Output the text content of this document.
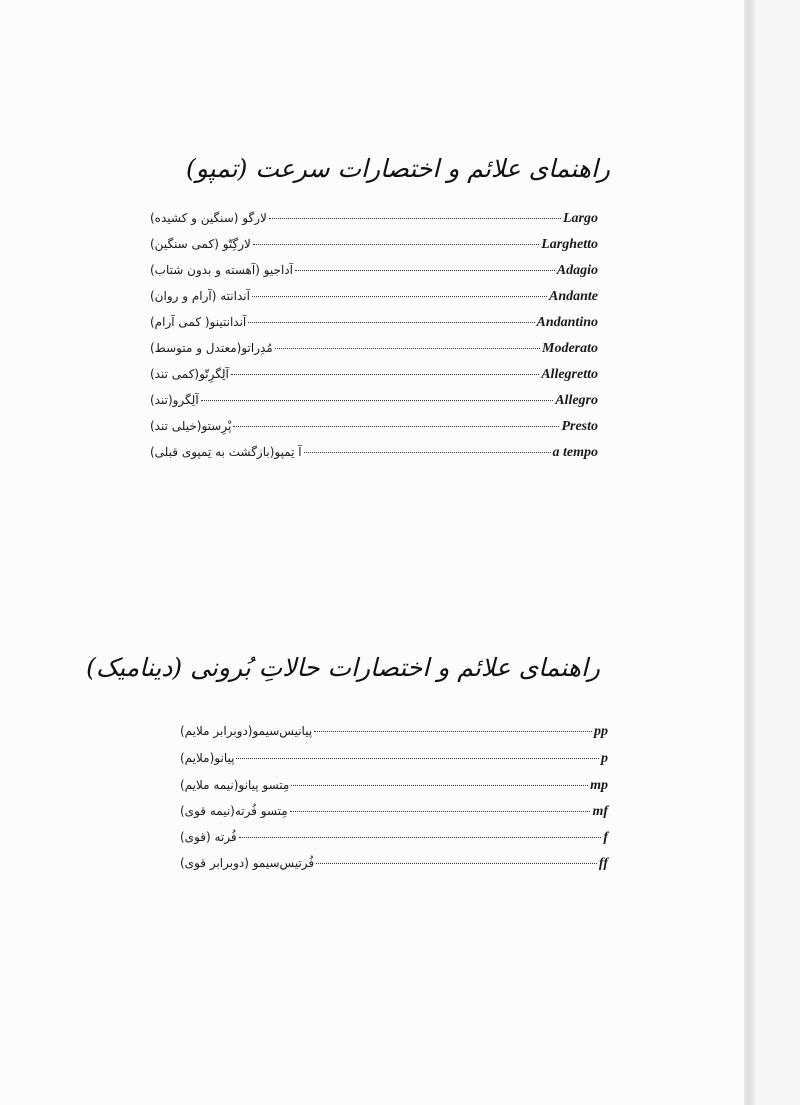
راهنمای علائم و اختصارات سرعت (تمپو)
Largo
لارگو (سنگین و کشیده)
Larghetto
لارگِتّو (کمی سنگین)
Adagio
آداجیو (آهسته و بدون شتاب)
Andante
آندانته (آرام و روان)
Andantino
آندانتینو( کمی آرام)
Moderato
مُدِراتو(معتدل و متوسط)
Allegretto
آلِگرِتّو(کمی تند)
Allegro
آلِگرو(تند)
Presto
پْرِستو(خیلی تند)
a tempo
آ تِمپو(بازگشت به تِمپوی قبلی)
راهنمای علائم و اختصارات حالاتِ بُرونی (دینامیک)
pp
پیانیس‌سیمو(دوبرابر ملایم)
p
پیانو(ملایم)
mp
مِتسو پیانو(نیمه ملایم)
mf
مِتسو فُرته(نیمه قوی)
f
فُرته (قوی)
ff
فُرتیس‌سیمو (دوبرابر قوی)
